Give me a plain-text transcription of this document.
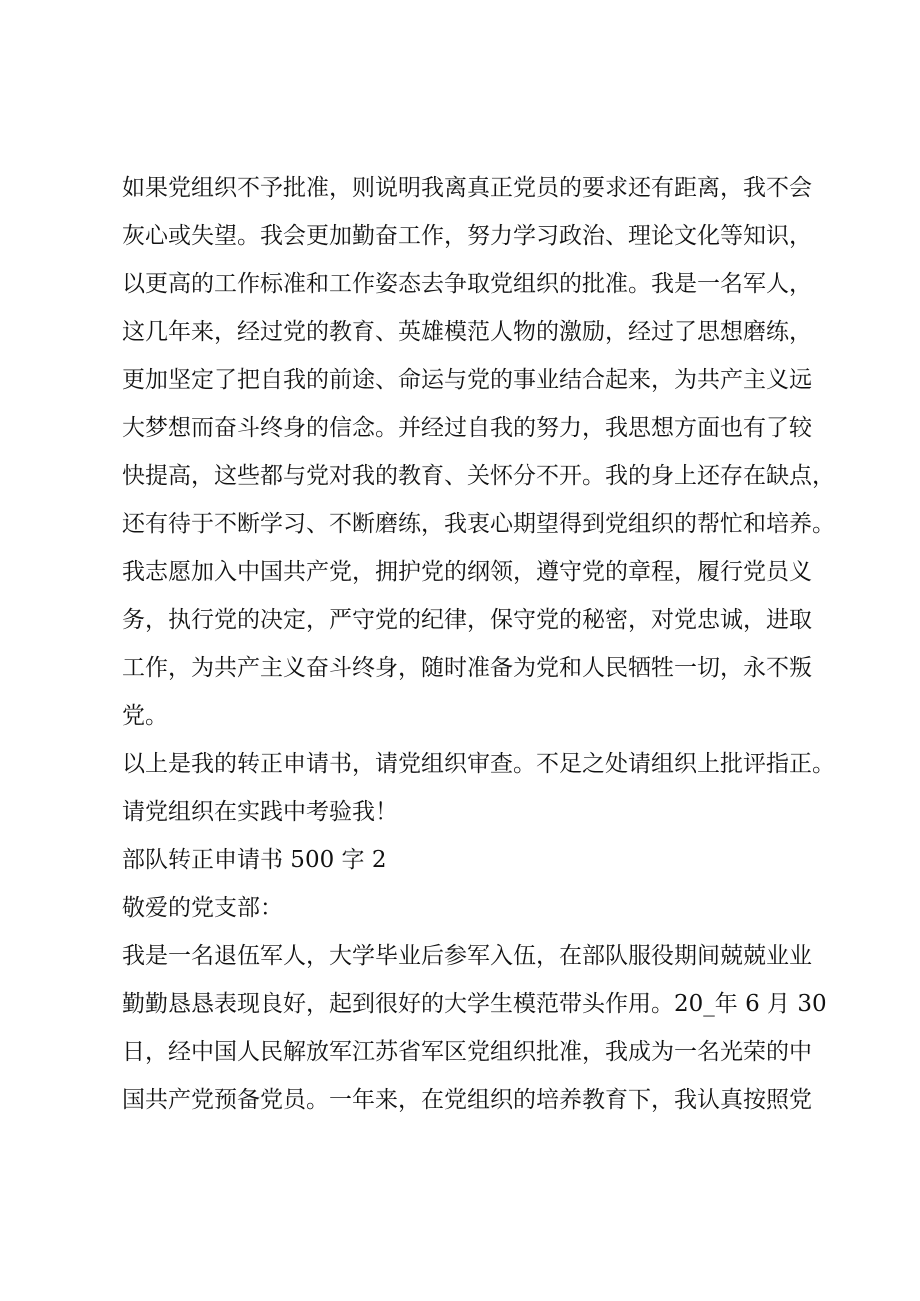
如果党组织不予批准，则说明我离真正党员的要求还有距离，我不会
灰心或失望。我会更加勤奋工作，努力学习政治、理论文化等知识，
以更高的工作标准和工作姿态去争取党组织的批准。我是一名军人，
这几年来，经过党的教育、英雄模范人物的激励，经过了思想磨练，
更加坚定了把自我的前途、命运与党的事业结合起来，为共产主义远
大梦想而奋斗终身的信念。并经过自我的努力，我思想方面也有了较
快提高，这些都与党对我的教育、关怀分不开。我的身上还存在缺点，
还有待于不断学习、不断磨练，我衷心期望得到党组织的帮忙和培养。
我志愿加入中国共产党，拥护党的纲领，遵守党的章程，履行党员义
务，执行党的决定，严守党的纪律，保守党的秘密，对党忠诚，进取
工作，为共产主义奋斗终身，随时准备为党和人民牺牲一切，永不叛
党。
以上是我的转正申请书，请党组织审查。不足之处请组织上批评指正。
请党组织在实践中考验我！
部队转正申请书 500 字 2
敬爱的党支部：
我是一名退伍军人，大学毕业后参军入伍，在部队服役期间兢兢业业
勤勤恳恳表现良好，起到很好的大学生模范带头作用。20_年 6 月 30
日，经中国人民解放军江苏省军区党组织批准，我成为一名光荣的中
国共产党预备党员。一年来，在党组织的培养教育下，我认真按照党
